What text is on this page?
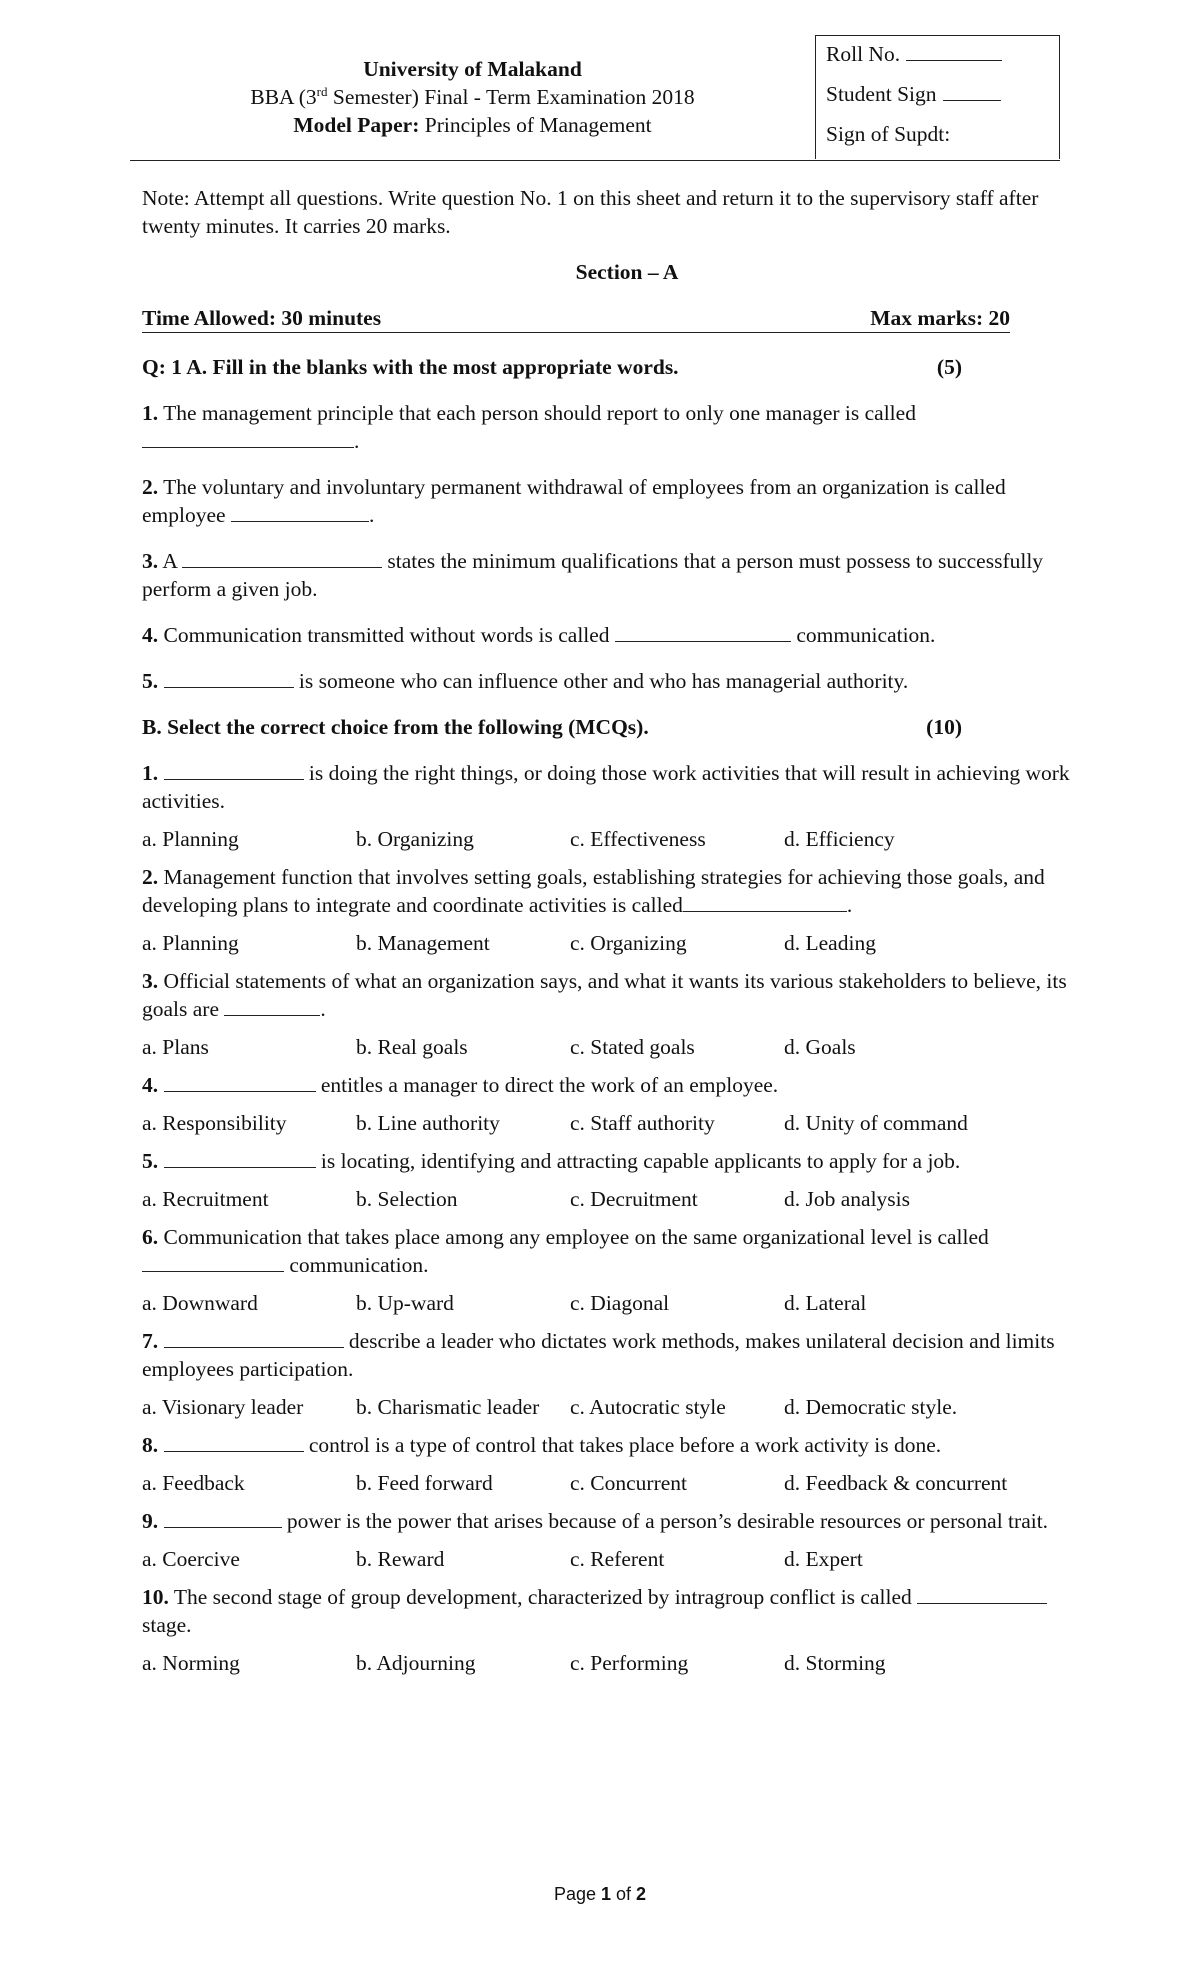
University of Malakand
BBA (3rd Semester) Final - Term Examination 2018
Model Paper: Principles of Management
Roll No.
Student Sign
Sign of Supdt:

Note: Attempt all questions. Write question No. 1 on this sheet and return it to the supervisory staff after twenty minutes. It carries 20 marks.

Section – A
Time Allowed: 30 minutes	Max marks: 20
Q: 1 A. Fill in the blanks with the most appropriate words.	(5)

1. The management principle that each person should report to only one manager is called
.

2. The voluntary and involuntary permanent withdrawal of employees from an organization is called employee	.

3. A	states the minimum qualifications that a person must possess to successfully perform a given job.

4. Communication transmitted without words is called	communication.

5.	is someone who can influence other and who has managerial authority.

B. Select the correct choice from the following (MCQs).	(10)

1.	is doing the right things, or doing those work activities that will result in achieving work activities.

a. Planning	b. Organizing	c. Effectiveness	d. Efficiency

2. Management function that involves setting goals, establishing strategies for achieving those goals, and developing plans to integrate and coordinate activities is called	.

a. Planning	b. Management	c. Organizing	d. Leading

3. Official statements of what an organization says, and what it wants its various stakeholders to believe, its goals are	.

a. Plans	b. Real goals	c. Stated goals	d. Goals

4.	entitles a manager to direct the work of an employee.

a. Responsibility	b. Line authority	c. Staff authority	d. Unity of command

5.	is locating, identifying and attracting capable applicants to apply for a job.

a. Recruitment	b. Selection	c. Decruitment	d. Job analysis

6. Communication that takes place among any employee on the same organizational level is called  communication.

a. Downward	b. Up-ward	c. Diagonal	d. Lateral

7.	describe a leader who dictates work methods, makes unilateral decision and limits employees participation.

a. Visionary leader	b. Charismatic leader	c. Autocratic style	d. Democratic style.

8.	control is a type of control that takes place before a work activity is done.

a. Feedback	b. Feed forward	c. Concurrent	d. Feedback & concurrent

9.	power is the power that arises because of a person’s desirable resources or personal trait.

a. Coercive	b. Reward	c. Referent	d. Expert

10. The second stage of group development, characterized by intragroup conflict is called  stage.

a. Norming	b. Adjourning	c. Performing	d. Storming
Page 1 of 2
